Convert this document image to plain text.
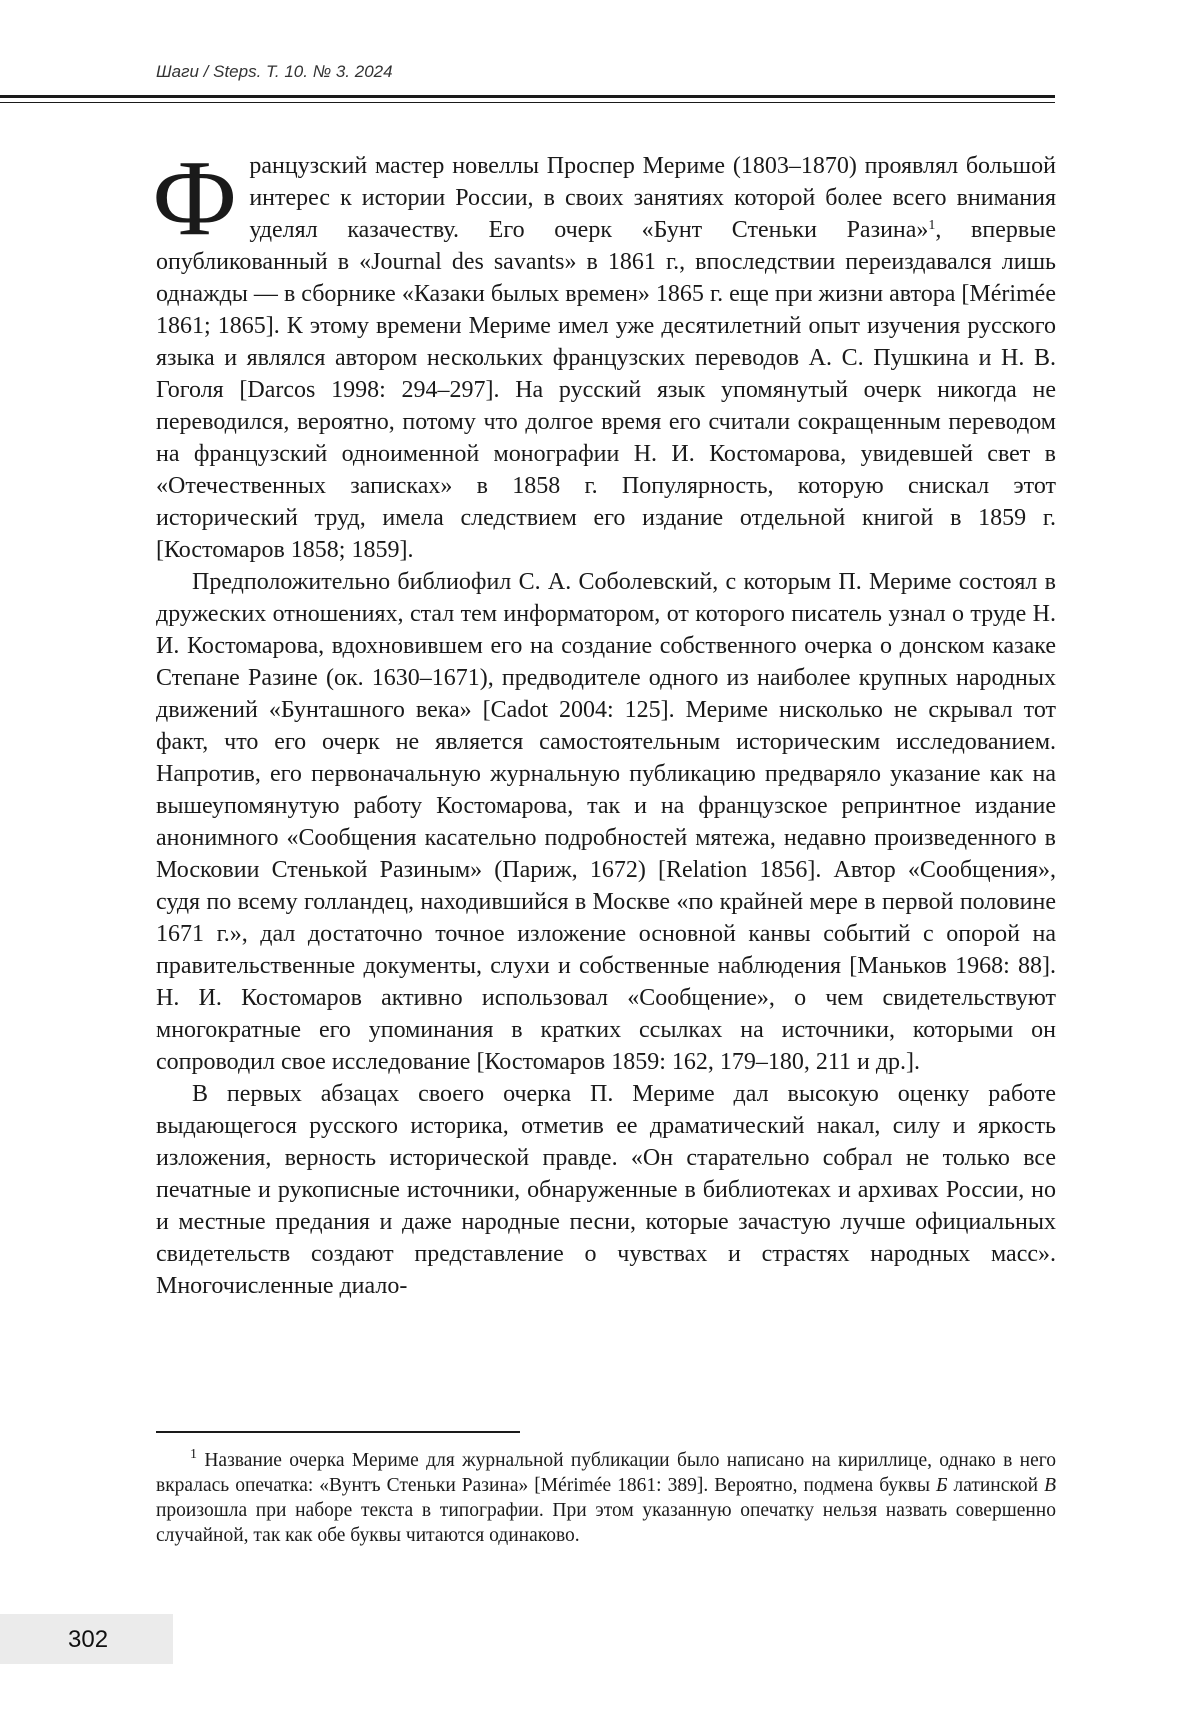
Шаги / Steps. Т. 10. № 3. 2024

Ф ранцузский мастер новеллы Проспер Мериме (1803–1870) проявлял большой интерес к истории России, в своих занятиях которой более всего внимания уделял казачеству. Его очерк «Бунт Стеньки Разина»1, впервые опубликованный в «Journal des savants» в 1861 г., впоследствии переиздавался лишь однажды — в сборнике «Казаки былых времен» 1865 г. еще при жизни автора [Mérimée 1861; 1865]. К этому времени Мериме имел уже десятилетний опыт изучения русского языка и являлся автором нескольких французских переводов А. С. Пушкина и Н. В. Гоголя [Darcos 1998: 294–297]. На русский язык упомянутый очерк никогда не переводился, вероятно, потому что долгое время его считали сокращенным переводом на французский одноименной монографии Н. И. Костомарова, увидевшей свет в «Отечественных записках» в 1858 г. Популярность, которую снискал этот исторический труд, имела следствием его издание отдельной книгой в 1859 г. [Костомаров 1858; 1859].

Предположительно библиофил С. А. Соболевский, с которым П. Мериме состоял в дружеских отношениях, стал тем информатором, от которого писатель узнал о труде Н. И. Костомарова, вдохновившем его на создание собственного очерка о донском казаке Степане Разине (ок. 1630–1671), предводителе одного из наиболее крупных народных движений «Бунташного века» [Cadot 2004: 125]. Мериме нисколько не скрывал тот факт, что его очерк не является самостоятельным историческим исследованием. Напротив, его первоначальную журнальную публикацию предваряло указание как на вышеупомянутую работу Костомарова, так и на французское репринтное издание анонимного «Сообщения касательно подробностей мятежа, недавно произведенного в Московии Стенькой Разиным» (Париж, 1672) [Relation 1856]. Автор «Сообщения», судя по всему голландец, находившийся в Москве «по крайней мере в первой половине 1671 г.», дал достаточно точное изложение основной канвы событий с опорой на правительственные документы, слухи и собственные наблюдения [Маньков 1968: 88]. Н. И. Костомаров активно использовал «Сообщение», о чем свидетельствуют многократные его упоминания в кратких ссылках на источники, которыми он сопроводил свое исследование [Костомаров 1859: 162, 179–180, 211 и др.].

В первых абзацах своего очерка П. Мериме дал высокую оценку работе выдающегося русского историка, отметив ее драматический накал, силу и яркость изложения, верность исторической правде. «Он старательно собрал не только все печатные и рукописные источники, обнаруженные в библиотеках и архивах России, но и местные предания и даже народные песни, которые зачастую лучше официальных свидетельств создают представление о чувствах и страстях народных масс». Многочисленные диало-

1 Название очерка Мериме для журнальной публикации было написано на кириллице, однако в него вкралась опечатка: «Вунтъ Стеньки Разина» [Mérimée 1861: 389]. Вероятно, подмена буквы Б латинской B произошла при наборе текста в типографии. При этом указанную опечатку нельзя назвать совершенно случайной, так как обе буквы читаются одинаково.

302
